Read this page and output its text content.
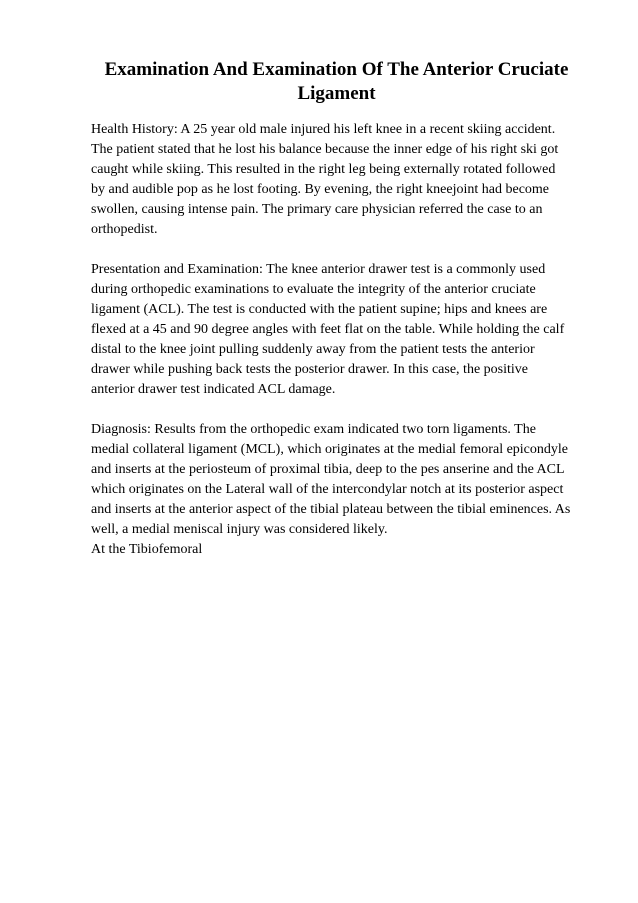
Examination And Examination Of The Anterior Cruciate
Ligament

Health History: A 25 year old male injured his left knee in a recent skiing accident.
The patient stated that he lost his balance because the inner edge of his right ski got
caught while skiing. This resulted in the right leg being externally rotated followed
by and audible pop as he lost footing. By evening, the right kneejoint had become
swollen, causing intense pain. The primary care physician referred the case to an
orthopedist.

Presentation and Examination: The knee anterior drawer test is a commonly used
during orthopedic examinations to evaluate the integrity of the anterior cruciate
ligament (ACL). The test is conducted with the patient supine; hips and knees are
flexed at a 45 and 90 degree angles with feet flat on the table. While holding the calf
distal to the knee joint pulling suddenly away from the patient tests the anterior
drawer while pushing back tests the posterior drawer. In this case, the positive
anterior drawer test indicated ACL damage.

Diagnosis: Results from the orthopedic exam indicated two torn ligaments. The
medial collateral ligament (MCL), which originates at the medial femoral epicondyle
and inserts at the periosteum of proximal tibia, deep to the pes anserine and the ACL
which originates on the Lateral wall of the intercondylar notch at its posterior aspect
and inserts at the anterior aspect of the tibial plateau between the tibial eminences. As
well, a medial meniscal injury was considered likely.

At the Tibiofemoral
